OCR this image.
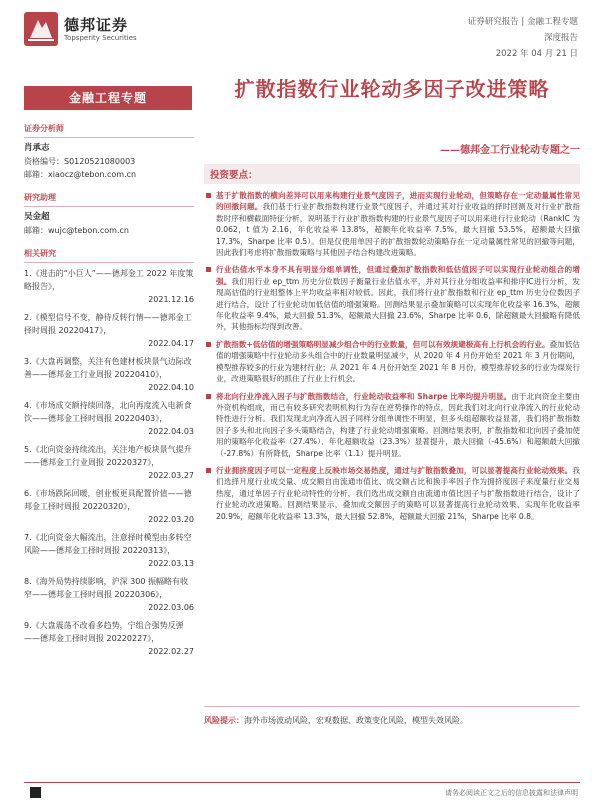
德邦证券
Topsperity Securities
证券研究报告 | 金融工程专题
深度报告
2022 年 04 月 21 日
金融工程专题
证券分析师
肖承志
资格编号：S0120521080003
邮箱：xiaocz@tebon.com.cn
研究助理
吴金超
邮箱：wujc@tebon.com.cn
相关研究
1.《进击的“小巨人”——德邦金工 2022 年度策略报告》，
2021.12.16
2.《模型信号不变，静待反转行情——德邦金工择时周报 20220417》，
2022.04.17
3.《大盘再调整，关注有色建材板块景气边际改善——德邦金工行业周报 20220410》，
2022.04.10
4.《市场成交额持续回落，北向再度流入电新食饮——德邦金工择时周报 20220403》，
2022.04.03
5.《北向资金持续流出，关注地产板块景气提升——德邦金工行业周报 20220327》，
2022.03.27
6.《市场跌际回暖，创业板更具配置价值——德邦金工择时周报 20220320》，
2022.03.20
7.《北向资金大幅流出，注意择时模型由多转空风险——德邦金工择时周报 20220313》，
2022.03.13
8.《海外局势持续影响，沪深 300 振幅略有收窄——德邦金工择时周报 20220306》，
2022.03.06
9.《大盘震荡不改看多趋势，宁组合强势反弹——德邦金工择时周报 20220227》，
2022.02.27
扩散指数行业轮动多因子改进策略
——德邦金工行业轮动专题之一
投资要点：
基于扩散指数的横向差异可以用来构建行业景气度因子，进而实现行业轮动，但策略存在一定动量属性常见的回撤问题。我们基于行业扩散指数构建行业景气度因子，并通过其对行业收益的择时回测及对行业扩散指数时序和横截面特征分析，说明基于行业扩散指数构建的行业景气度因子可以用来进行行业轮动（RankIC 为 0.062，t 值为 2.16，年化收益率 13.8%，超额年化收益率 7.5%，最大回撤 53.5%，超额最大回撤 17.3%，Sharpe 比率 0.5）。但是仅使用单因子的扩散指数轮动策略存在一定动量属性常见的回撤等问题，因此我们考虑将扩散指数策略与其他因子结合构建改进策略。
行业估值水平本身不具有明显分组单调性，但通过叠加扩散指数和低估值因子可以实现行业轮动组合的增强。我们用行业 ep_ttm 历史分位数因子衡量行业估值水平，并对其行业分组收益率和排序IC进行分析，发现高估值的行业组整体上平均收益率相对较低。因此，我们将行业扩散指数和行业 ep_ttm 历史分位数因子进行结合，设计了行业轮动加低估值的增强策略。回测结果显示叠加策略可以实现年化收益率 16.3%，超额年化收益率 9.4%，最大回撤 51.3%，超额最大回撤 23.6%，Sharpe 比率 0.6，除超额最大回撤略有降低外，其他指标均得到改善。
扩散指数+低估值的增强策略明显减少组合中的行业数量，但可以有效规避极高有上行机会的行业。叠加低估值的增强策略中行业轮动多头组合中的行业数量明显减少，从 2020 年 4 月份开始至 2021 年 3 月份期间，模型推荐较多的行业为建材行业；从 2021 年 4 月份开始至 2021 年 8 月份，模型推荐较多的行业为煤炭行业，改进策略很好的抓住了行业上行机会。
将北向行业净流入因子与扩散指数结合，行业轮动收益率和 Sharpe 比率均提升明显。由于北向资金主要由外资机构组成，而已有较多研究表明机构行为存在逆势操作的特点，因此我们对北向行业净流入的行业轮动特性进行分析。我们发现北向净流入因子同样分组单调性不明显，但多头组超额收益显著，我们将扩散指数因子多头和北向因子多头策略结合，构建了行业轮动增强策略。回测结果表明，扩散指数和北向因子叠加使用的策略年化收益率（27.4%）、年化超额收益（23.3%）显著提升，最大回撤（-45.6%）和超额最大回撤（-27.8%）有所降低，Sharpe 比率（1.1）提升明显。
行业拥挤度因子可以一定程度上反映市场交易热度，通过与扩散指数叠加，可以显著提高行业轮动效果。我们选择月度行业成交量、成交额自由流通市值比、成交额占比和换手率因子作为拥挤度因子来度量行业交易热度，通过单因子行业轮动特性的分析，我们选出成交额自由流通市值比因子与扩散指数进行结合，设计了行业轮动改进策略。回测结果显示，叠加成交额因子的策略可以显著提高行业轮动效果，实现年化收益率 20.9%，超额年化收益率 13.3%，最大回撤 52.8%，超额最大回撤 21%，Sharpe 比率 0.8。
风险提示：海外市场波动风险，宏观数据、政策变化风险，模型失效风险。
请务必阅读正文之后的信息披露和法律声明
